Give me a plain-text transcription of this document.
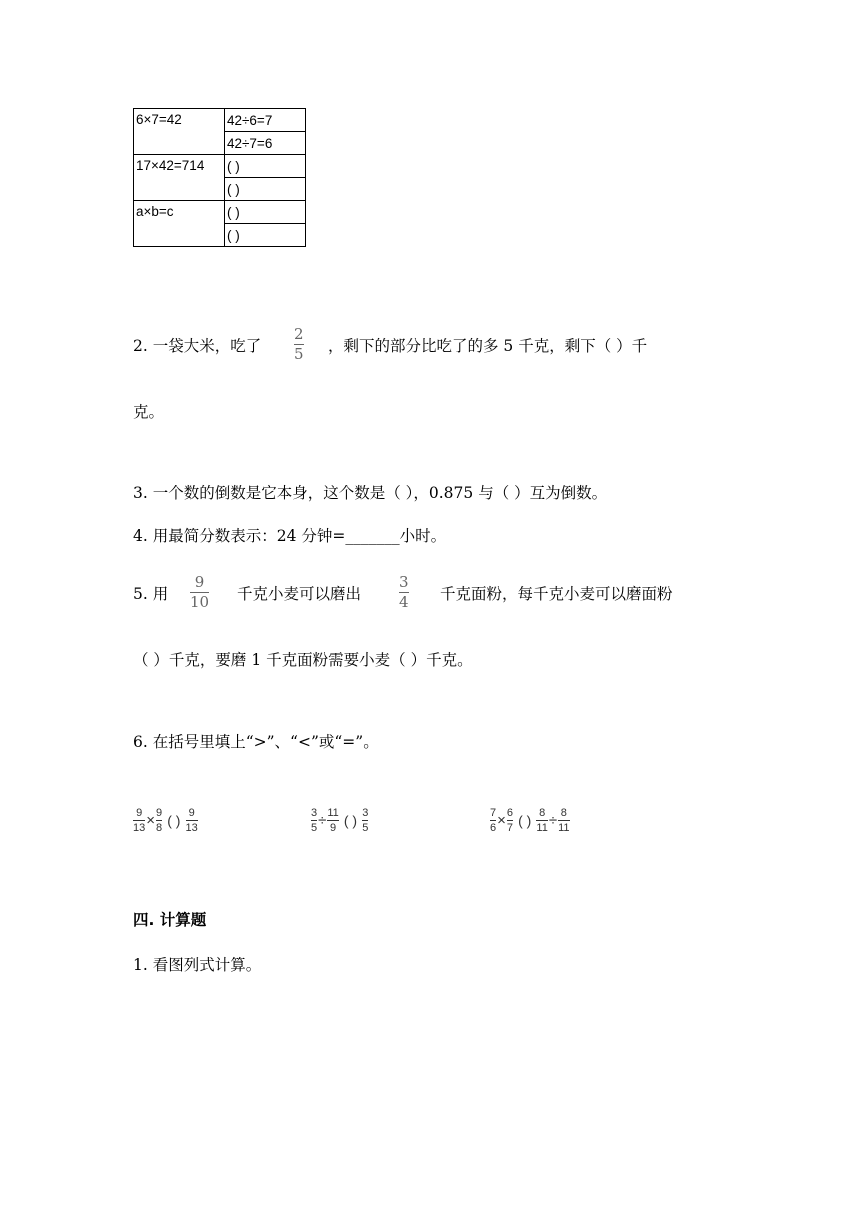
6×7=42	42÷6=7
	42÷7=6
17×42=714	( )
	( )
a×b=c	( )
	( )
2. 一袋大米，吃了
2
5 ，剩下的部分比吃了的多 5 千克，剩下（ ）千
克。
3. 一个数的倒数是它本身，这个数是（ ），0.875 与（ ）互为倒数。
4. 用最简分数表示：24 分钟=_______小时。
5. 用
9
10 千克小麦可以磨出
3
4 千克面粉，每千克小麦可以磨面粉
（ ）千克，要磨 1 千克面粉需要小麦（ ）千克。
6. 在括号里填上“>”、“<”或“=”。
$\frac{9}{13} \times \frac{9}{8}$ ( ) $\frac{9}{13}$	$\frac{3}{5} \div \frac{11}{9}$ ( ) $\frac{3}{5}$	$\frac{7}{6} \times \frac{6}{7}$ ( ) $\frac{8}{11} \div \frac{8}{11}$
四. 计算题
1. 看图列式计算。
